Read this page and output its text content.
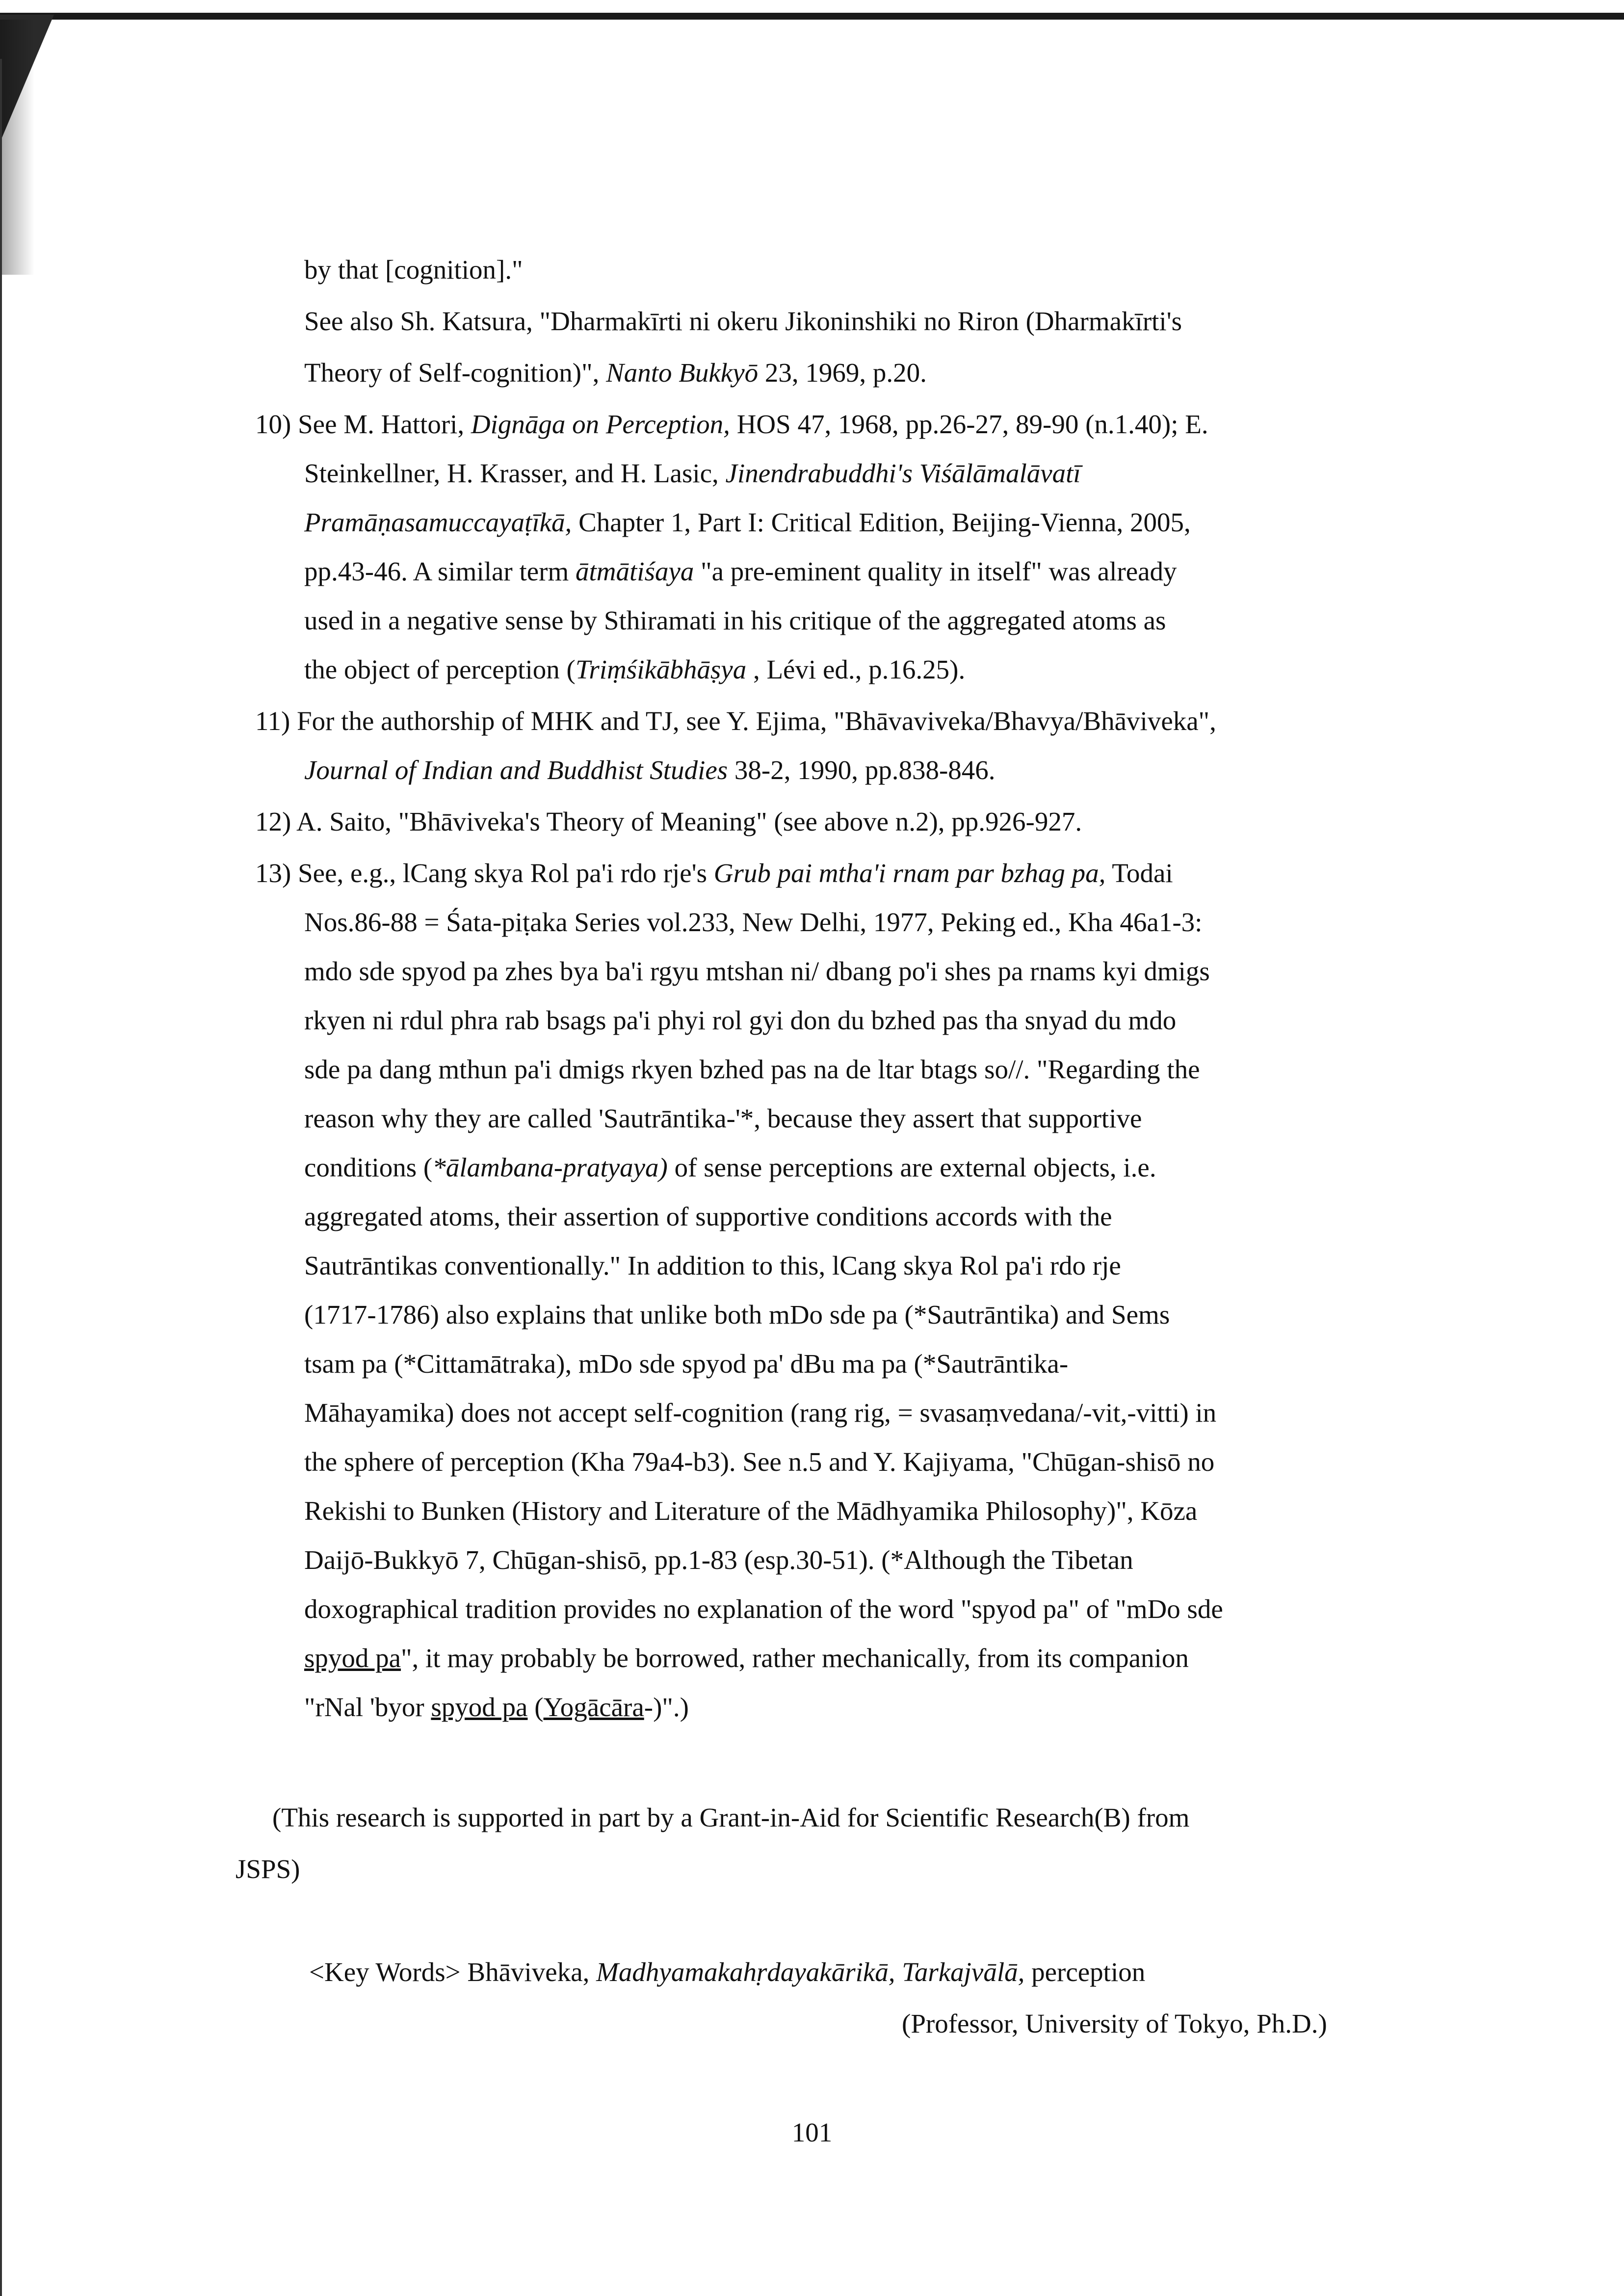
by that [cognition]."
See also Sh. Katsura, "Dharmakīrti ni okeru Jikoninshiki no Riron (Dharmakīrti's
Theory of Self-cognition)", Nanto Bukkyō 23, 1969, p.20.
10) See M. Hattori, Dignāga on Perception, HOS 47, 1968, pp.26-27, 89-90 (n.1.40); E.
Steinkellner, H. Krasser, and H. Lasic, Jinendrabuddhi's Viśālāmalāvatī
Pramāṇasamuccayaṭīkā, Chapter 1, Part I: Critical Edition, Beijing-Vienna, 2005,
pp.43-46. A similar term ātmātiśaya "a pre-eminent quality in itself" was already
used in a negative sense by Sthiramati in his critique of the aggregated atoms as
the object of perception (Triṃśikābhāṣya , Lévi ed., p.16.25).
11) For the authorship of MHK and TJ, see Y. Ejima, "Bhāvaviveka/Bhavya/Bhāviveka",
Journal of Indian and Buddhist Studies 38-2, 1990, pp.838-846.
12) A. Saito, "Bhāviveka's Theory of Meaning" (see above n.2), pp.926-927.
13) See, e.g., lCang skya Rol pa'i rdo rje's Grub pai mtha'i rnam par bzhag pa, Todai
Nos.86-88 = Śata-piṭaka Series vol.233, New Delhi, 1977, Peking ed., Kha 46a1-3:
mdo sde spyod pa zhes bya ba'i rgyu mtshan ni/ dbang po'i shes pa rnams kyi dmigs
rkyen ni rdul phra rab bsags pa'i phyi rol gyi don du bzhed pas tha snyad du mdo
sde pa dang mthun pa'i dmigs rkyen bzhed pas na de ltar btags so//. "Regarding the
reason why they are called 'Sautrāntika-'*, because they assert that supportive
conditions (*ālambana-pratyaya) of sense perceptions are external objects, i.e.
aggregated atoms, their assertion of supportive conditions accords with the
Sautrāntikas conventionally." In addition to this, lCang skya Rol pa'i rdo rje
(1717-1786) also explains that unlike both mDo sde pa (*Sautrāntika) and Sems
tsam pa (*Cittamātraka), mDo sde spyod pa' dBu ma pa (*Sautrāntika-
Māhayamika) does not accept self-cognition (rang rig, = svasaṃvedana/-vit,-vitti) in
the sphere of perception (Kha 79a4-b3). See n.5 and Y. Kajiyama, "Chūgan-shisō no
Rekishi to Bunken (History and Literature of the Mādhyamika Philosophy)", Kōza
Daijō-Bukkyō 7, Chūgan-shisō, pp.1-83 (esp.30-51). (*Although the Tibetan
doxographical tradition provides no explanation of the word "spyod pa" of "mDo sde
spyod pa", it may probably be borrowed, rather mechanically, from its companion
"rNal 'byor spyod pa (Yogācāra-)".)
(This research is supported in part by a Grant-in-Aid for Scientific Research(B) from
JSPS)
<Key Words> Bhāviveka, Madhyamakahṛdayakārikā, Tarkajvālā, perception
(Professor, University of Tokyo, Ph.D.)
101
